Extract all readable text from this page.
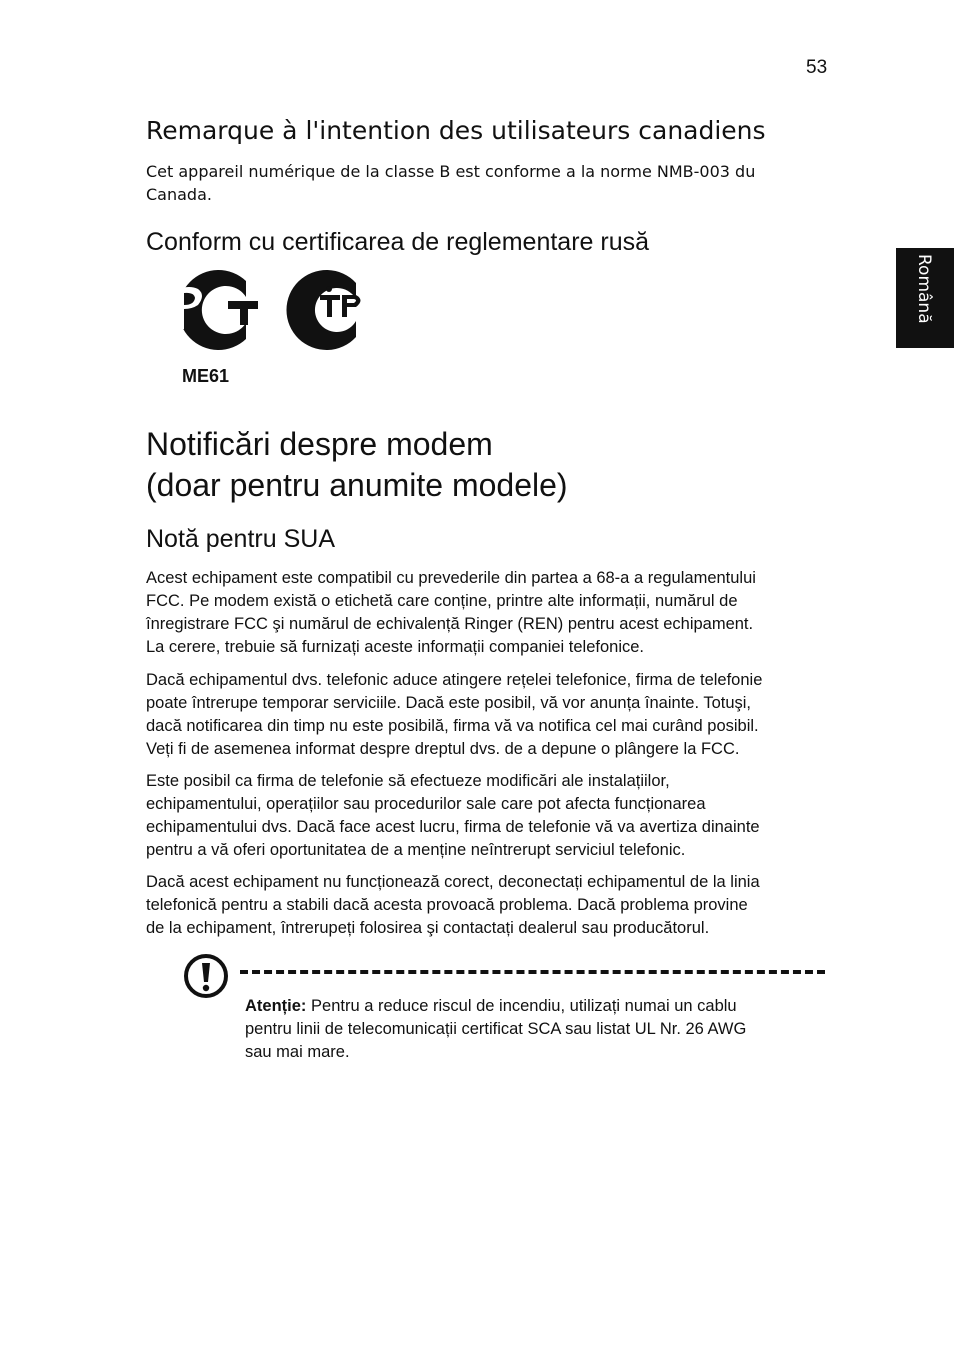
53
Română
Remarque à l'intention des utilisateurs canadiens
Cet appareil numérique de la classe B est conforme a la norme NMB-003 du
Canada.
Conform cu certificarea de reglementare rusă
ME61
Notificări despre modem
(doar pentru anumite modele)
Notă pentru SUA
Acest echipament este compatibil cu prevederile din partea a 68-a a regulamentului
FCC. Pe modem există o etichetă care conține, printre alte informații, numărul de
înregistrare FCC şi numărul de echivalență Ringer (REN) pentru acest echipament.
La cerere, trebuie să furnizați aceste informații companiei telefonice.
Dacă echipamentul dvs. telefonic aduce atingere rețelei telefonice, firma de telefonie
poate întrerupe temporar serviciile. Dacă este posibil, vă vor anunța înainte. Totuşi,
dacă notificarea din timp nu este posibilă, firma vă va notifica cel mai curând posibil.
Veți fi de asemenea informat despre dreptul dvs. de a depune o plângere la FCC.
Este posibil ca firma de telefonie să efectueze modificări ale instalațiilor,
echipamentului, operațiilor sau procedurilor sale care pot afecta funcționarea
echipamentului dvs. Dacă face acest lucru, firma de telefonie vă va avertiza dinainte
pentru a vă oferi oportunitatea de a menține neîntrerupt serviciul telefonic.
Dacă acest echipament nu funcționează corect, deconectați echipamentul de la linia
telefonică pentru a stabili dacă acesta provoacă problema. Dacă problema provine
de la echipament, întrerupeți folosirea şi contactați dealerul sau producătorul.
Atenție: Pentru a reduce riscul de incendiu, utilizați numai un cablu
pentru linii de telecomunicații certificat SCA sau listat UL Nr. 26 AWG
sau mai mare.
